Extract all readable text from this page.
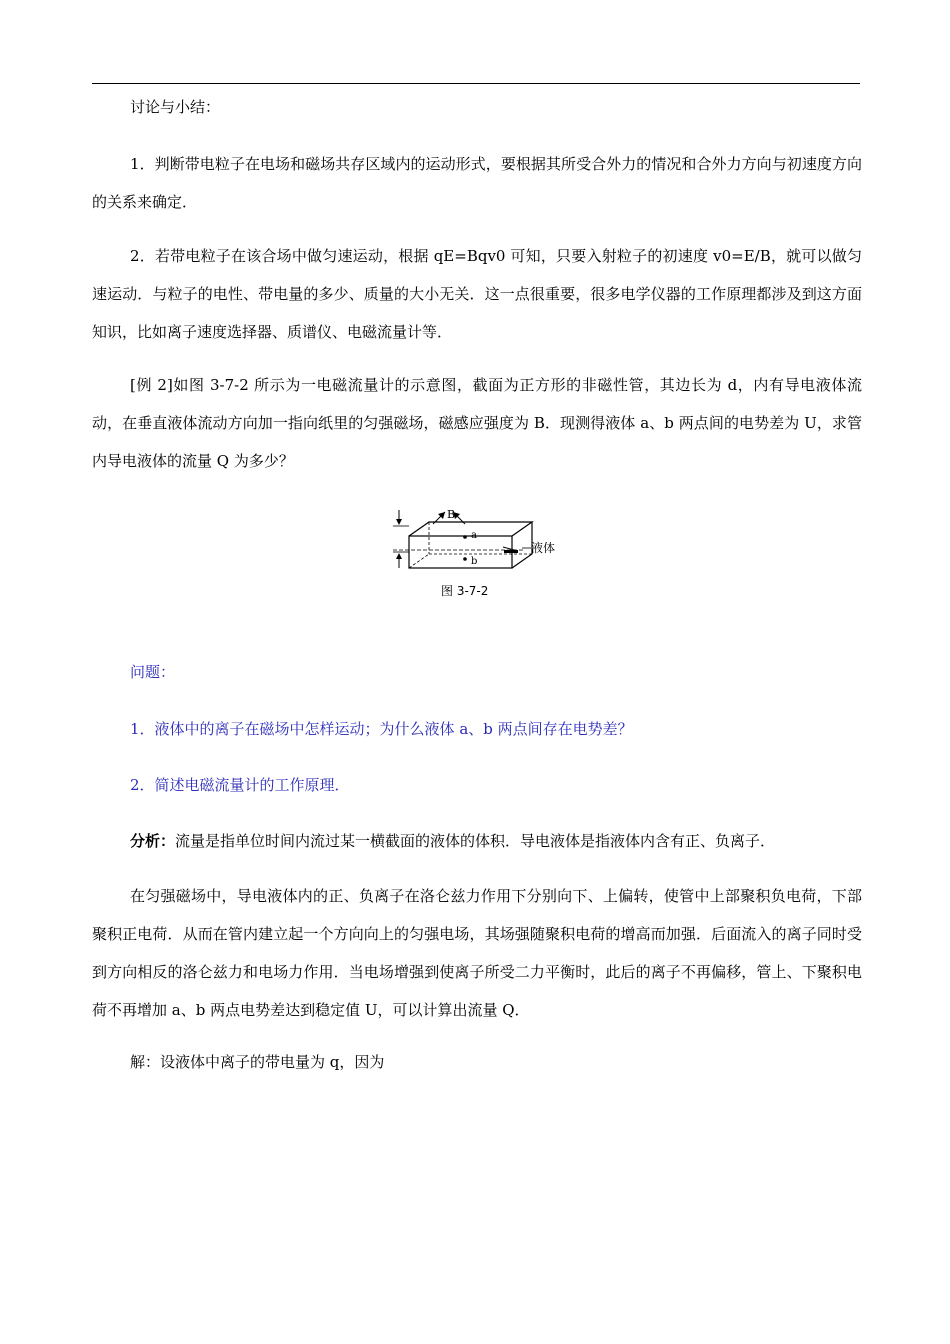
讨论与小结：

1．判断带电粒子在电场和磁场共存区域内的运动形式，要根据其所受合外力的情况和合外力方向与初速度方向的关系来确定．

2．若带电粒子在该合场中做匀速运动，根据 qE=Bqv0 可知，只要入射粒子的初速度 v0=E/B，就可以做匀速运动．与粒子的电性、带电量的多少、质量的大小无关．这一点很重要，很多电学仪器的工作原理都涉及到这方面知识，比如离子速度选择器、质谱仪、电磁流量计等．

[例 2]如图 3-7-2 所示为一电磁流量计的示意图，截面为正方形的非磁性管，其边长为 d，内有导电液体流动，在垂直液体流动方向加一指向纸里的匀强磁场，磁感应强度为 B．现测得液体 a、b 两点间的电势差为 U，求管内导电液体的流量 Q 为多少？

B
a
b
液体
图 3-7-2

问题：

1．液体中的离子在磁场中怎样运动；为什么液体 a、b 两点间存在电势差？

2．简述电磁流量计的工作原理．

分析：流量是指单位时间内流过某一横截面的液体的体积．导电液体是指液体内含有正、负离子．

在匀强磁场中，导电液体内的正、负离子在洛仑兹力作用下分别向下、上偏转，使管中上部聚积负电荷，下部聚积正电荷．从而在管内建立起一个方向向上的匀强电场，其场强随聚积电荷的增高而加强．后面流入的离子同时受到方向相反的洛仑兹力和电场力作用．当电场增强到使离子所受二力平衡时，此后的离子不再偏移，管上、下聚积电荷不再增加 a、b 两点电势差达到稳定值 U，可以计算出流量 Q．

解：设液体中离子的带电量为 q，因为
